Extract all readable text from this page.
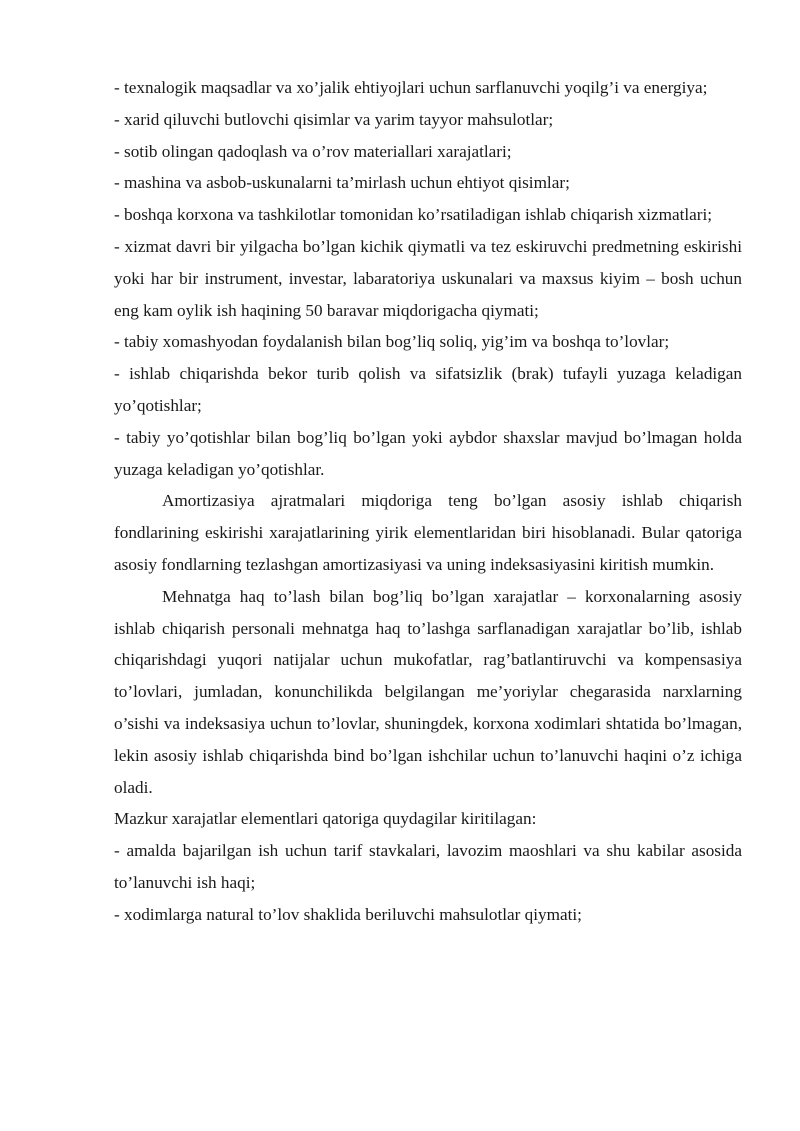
- texnalogik maqsadlar va xo’jalik ehtiyojlari uchun sarflanuvchi yoqilg’i va energiya;

- xarid qiluvchi butlovchi qisimlar va yarim tayyor mahsulotlar;

- sotib olingan qadoqlash va o’rov materiallari xarajatlari;

- mashina va asbob-uskunalarni ta’mirlash uchun ehtiyot qisimlar;

- boshqa korxona va tashkilotlar tomonidan ko’rsatiladigan ishlab chiqarish xizmatlari;

- xizmat davri bir yilgacha bo’lgan kichik qiymatli va tez eskiruvchi predmetning eskirishi yoki har bir instrument, investar, labaratoriya uskunalari va maxsus kiyim – bosh uchun eng kam oylik ish haqining 50 baravar miqdorigacha qiymati;

- tabiy xomashyodan foydalanish bilan bog’liq soliq, yig’im va boshqa to’lovlar;

- ishlab chiqarishda bekor turib qolish va sifatsizlik (brak) tufayli yuzaga keladigan yo’qotishlar;

- tabiy yo’qotishlar bilan bog’liq bo’lgan yoki aybdor shaxslar mavjud bo’lmagan holda yuzaga keladigan yo’qotishlar.

Amortizasiya ajratmalari miqdoriga teng bo’lgan asosiy ishlab chiqarish fondlarining eskirishi xarajatlarining yirik elementlaridan biri hisoblanadi. Bular qatoriga asosiy fondlarning tezlashgan amortizasiyasi va uning indeksasiyasini kiritish mumkin.

Mehnatga haq to’lash bilan bog’liq bo’lgan xarajatlar – korxonalarning asosiy ishlab chiqarish personali mehnatga haq to’lashga sarflanadigan xarajatlar bo’lib, ishlab chiqarishdagi yuqori natijalar uchun mukofatlar, rag’batlantiruvchi va kompensasiya to’lovlari, jumladan, konunchilikda belgilangan me’yoriylar chegarasida narxlarning o’sishi va indeksasiya uchun to’lovlar, shuningdek, korxona xodimlari shtatida bo’lmagan, lekin asosiy ishlab chiqarishda bind bo’lgan ishchilar uchun to’lanuvchi haqini o’z ichiga oladi.

Mazkur xarajatlar elementlari qatoriga quydagilar kiritilagan:

- amalda bajarilgan ish uchun tarif stavkalari, lavozim maoshlari va shu kabilar asosida to’lanuvchi ish haqi;

- xodimlarga natural to’lov shaklida beriluvchi mahsulotlar qiymati;
